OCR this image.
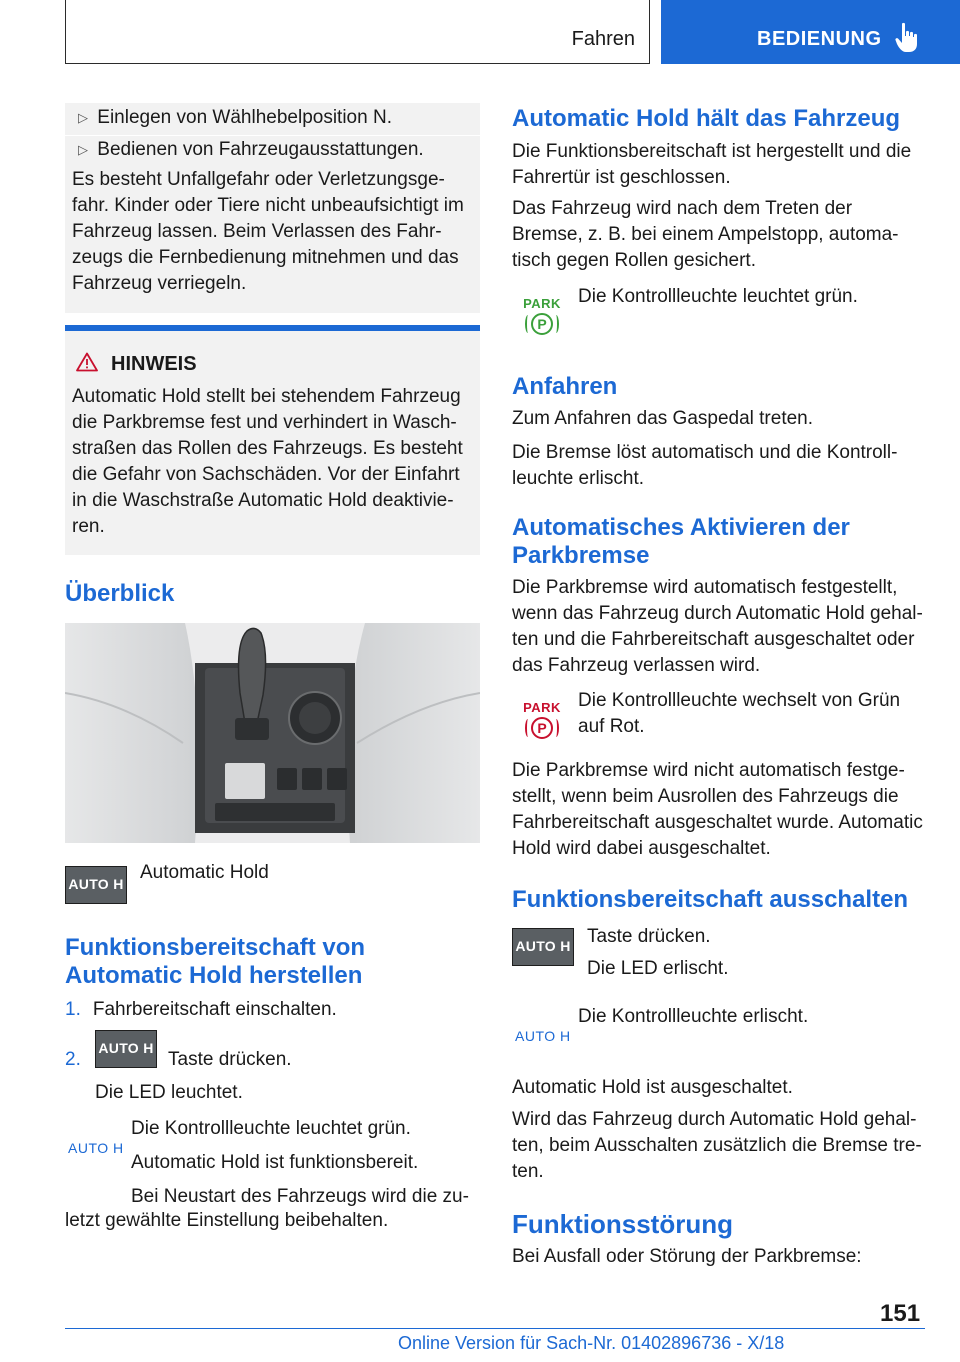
Fahren	BEDIENUNG
▷ Einlegen von Wählhebelposition N.
▷ Bedienen von Fahrzeugausstattungen.

Es besteht Unfallgefahr oder Verletzungsge-

fahr. Kinder oder Tiere nicht unbeaufsichtigt im

Fahrzeug lassen. Beim Verlassen des Fahr-

zeugs die Fernbedienung mitnehmen und das

Fahrzeug verriegeln.

HINWEIS

Automatic Hold stellt bei stehendem Fahrzeug

die Parkbremse fest und verhindert in Wasch-

straßen das Rollen des Fahrzeugs. Es besteht

die Gefahr von Sachschäden. Vor der Einfahrt

in die Waschstraße Automatic Hold deaktivie-

ren.

Überblick
AUTO H
Automatic Hold

Funktionsbereitschaft von

Automatic Hold herstellen

1. Fahrbereitschaft einschalten.
2.
AUTO H
Taste drücken.
Die LED leuchtet.
AUTO H
Die Kontrollleuchte leuchtet grün.
Automatic Hold ist funktionsbereit.
Bei Neustart des Fahrzeugs wird die zu-
letzt gewählte Einstellung beibehalten.
Automatic Hold hält das Fahrzeug

Die Funktionsbereitschaft ist hergestellt und die

Fahrertür ist geschlossen.

Das Fahrzeug wird nach dem Treten der

Bremse, z. B. bei einem Ampelstopp, automa-

tisch gegen Rollen gesichert.

PARK
P
Die Kontrollleuchte leuchtet grün.
Anfahren
Zum Anfahren das Gaspedal treten.

Die Bremse löst automatisch und die Kontroll-

leuchte erlischt.

Automatisches Aktivieren der

Parkbremse

Die Parkbremse wird automatisch festgestellt,

wenn das Fahrzeug durch Automatic Hold gehal-

ten und die Fahrbereitschaft ausgeschaltet oder

das Fahrzeug verlassen wird.

PARK
P

Die Kontrollleuchte wechselt von Grün

auf Rot.

Die Parkbremse wird nicht automatisch festge-

stellt, wenn beim Ausrollen des Fahrzeugs die

Fahrbereitschaft ausgeschaltet wurde. Automatic

Hold wird dabei ausgeschaltet.

Funktionsbereitschaft ausschalten
AUTO H Taste drücken.
Die LED erlischt.
AUTO H
Die Kontrollleuchte erlischt.
Automatic Hold ist ausgeschaltet.

Wird das Fahrzeug durch Automatic Hold gehal-

ten, beim Ausschalten zusätzlich die Bremse tre-

ten.

Funktionsstörung
Bei Ausfall oder Störung der Parkbremse:
151
Online Version für Sach-Nr. 01402896736 - X/18
